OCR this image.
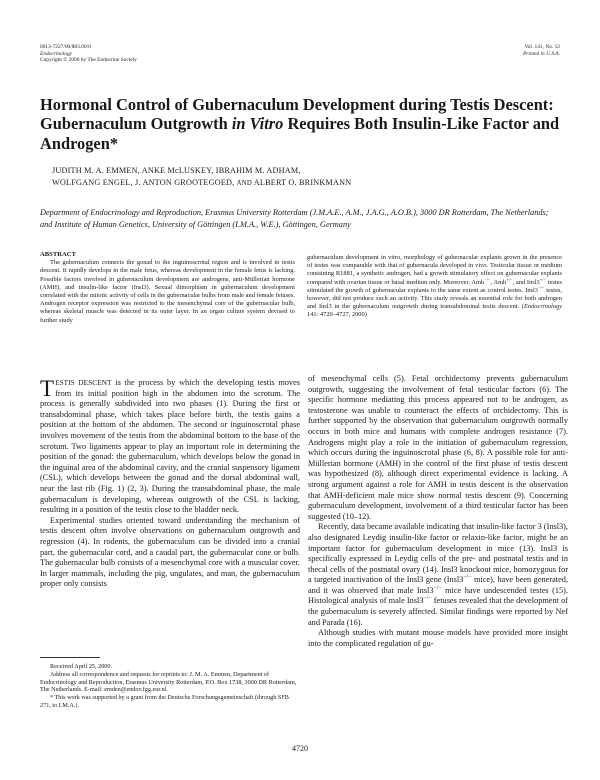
0013-7227/00/$03.00/0
Endocrinology
Copyright © 2000 by The Endocrine Society
Vol. 141, No. 12
Printed in U.S.A.
Hormonal Control of Gubernaculum Development during Testis Descent: Gubernaculum Outgrowth in Vitro Requires Both Insulin-Like Factor and Androgen*
JUDITH M. A. EMMEN, ANKE McLUSKEY, IBRAHIM M. ADHAM,
WOLFGANG ENGEL, J. ANTON GROOTEGOED, AND ALBERT O. BRINKMANN
Department of Endocrinology and Reproduction, Erasmus University Rotterdam (J.M.A.E., A.M., J.A.G., A.O.B.), 3000 DR Rotterdam, The Netherlands; and Institute of Human Genetics, University of Göttingen (I.M.A., W.E.), Göttingen, Germany
ABSTRACT
The gubernaculum connects the gonad to the inguinoscrotal region and is involved in testis descent. It rapidly develops in the male fetus, whereas development in the female fetus is lacking. Possible factors involved in gubernaculum development are androgens, anti-Müllerian hormone (AMH), and insulin-like factor (Insl3). Sexual dimorphism in gubernaculum development correlated with the mitotic activity of cells in the gubernacular bulbs from male and female fetuses. Androgen receptor expression was restricted to the mesenchymal core of the gubernacular bulb, whereas skeletal muscle was detected in its outer layer. In an organ culture system devised to further study
gubernaculum development in vitro, morphology of gubernacular explants grown in the presence of testes was comparable with that of gubernacula developed in vivo. Testicular tissue or medium containing R1881, a synthetic androgen, had a growth stimulatory effect on gubernacular explants compared with ovarian tissue or basal medium only. Moreover, Amh−/−, Amh+/−, and Insl3+/− testes stimulated the growth of gubernacular explants to the same extent as control testes. Insl3−/− testes, however, did not produce such an activity. This study reveals an essential role for both androgen and Insl3 in the gubernaculum outgrowth during transabdominal testis descent. (Endocrinology 141: 4720–4727, 2000)

TESTIS DESCENT is the process by which the developing testis moves from its initial position high in the abdomen into the scrotum. The process is generally subdivided into two phases (1). During the first or transabdominal phase, which takes place before birth, the testis gains a position at the bottom of the abdomen. The second or inguinoscrotal phase involves movement of the testis from the abdominal bottom to the base of the scrotum. Two ligaments appear to play an important role in determining the position of the gonad: the gubernaculum, which develops below the gonad in the inguinal area of the abdominal cavity, and the cranial suspensory ligament (CSL), which develops between the gonad and the dorsal abdominal wall, near the last rib (Fig. 1) (2, 3). During the transabdominal phase, the male gubernaculum is developing, whereas outgrowth of the CSL is lacking, resulting in a position of the testis close to the bladder neck.

Experimental studies oriented toward understanding the mechanism of testis descent often involve observations on gubernaculum outgrowth and regression (4). In rodents, the gubernaculum can be divided into a cranial part, the gubernacular cord, and a caudal part, the gubernacular cone or bulb. The gubernacular bulb consists of a mesenchymal core with a muscular cover. In larger mammals, including the pig, ungulates, and man, the gubernaculum proper only consists

of mesenchymal cells (5). Fetal orchidectomy prevents gubernaculum outgrowth, suggesting the involvement of fetal testicular factors (6). The specific hormone mediating this process appeared not to be androgen, as testosterone was unable to counteract the effects of orchidectomy. This is further supported by the observation that gubernaculum outgrowth normally occurs in both mice and humans with complete androgen resistance (7). Androgens might play a role in the initiation of gubernaculum regression, which occurs during the inguinoscrotal phase (6, 8). A possible role for anti-Müllerian hormone (AMH) in the control of the first phase of testis descent was hypothesized (8), although direct experimental evidence is lacking. A strong argument against a role for AMH in testis descent is the observation that AMH-deficient male mice show normal testis descent (9). Concerning gubernaculum development, involvement of a third testicular factor has been suggested (10–12).

Recently, data became available indicating that insulin-like factor 3 (Insl3), also designated Leydig insulin-like factor or relaxin-like factor, might be an important factor for gubernaculum development in mice (13). Insl3 is specifically expressed in Leydig cells of the pre- and postnatal testis and in thecal cells of the postnatal ovary (14). Insl3 knockout mice, homozygous for a targeted inactivation of the Insl3 gene (Insl3−/− mice), have been generated, and it was observed that male Insl3−/− mice have undescended testes (15). Histological analysis of male Insl3−/− fetuses revealed that the development of the gubernaculum is severely affected. Similar findings were reported by Nef and Parada (16).

Although studies with mutant mouse models have provided more insight into the complicated regulation of gu-

Received April 25, 2000.

Address all correspondence and requests for reprints to: J. M. A. Emmen, Department of Endocrinology and Reproduction, Erasmus University Rotterdam, P.O. Box 1738, 3000 DR Rotterdam, The Netherlands. E-mail: emden@endov.fgg.eur.nl.

* This work was supported by a grant from the Deutsche Forschungsgemeinschaft (through SFB 271, to I.M.A.).

4720
